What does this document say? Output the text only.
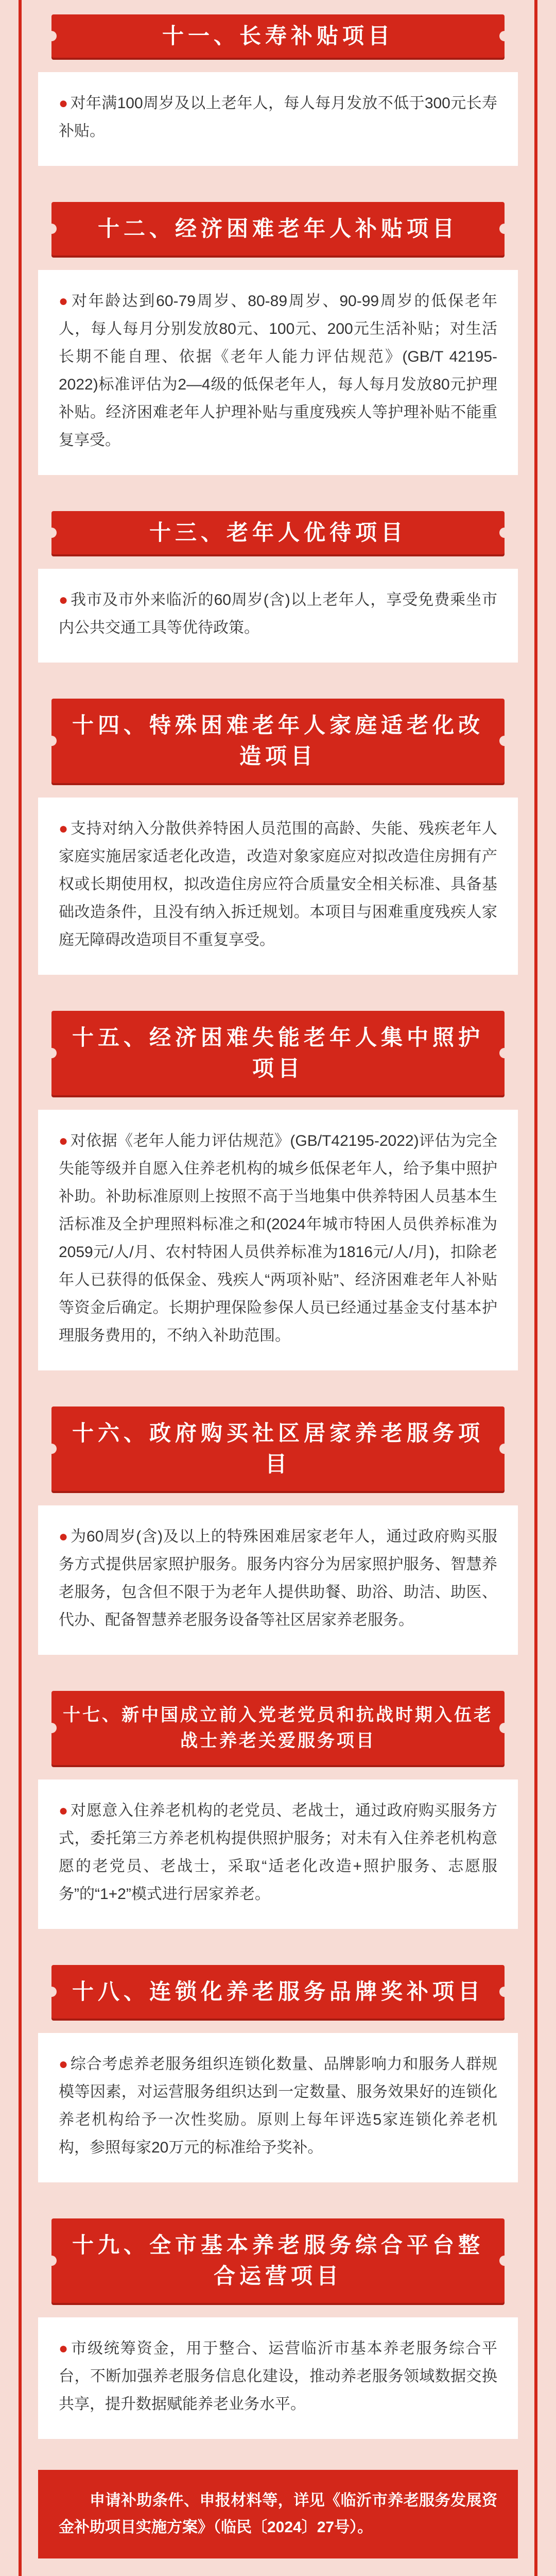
十一、长寿补贴项目
● 对年满100周岁及以上老年人，每人每月发放不低于300元长寿补贴。
十二、经济困难老年人补贴项目
● 对年龄达到60-79周岁、80-89周岁、90-99周岁的低保老年人，每人每月分别发放80元、100元、200元生活补贴；对生活长期不能自理、依据《老年人能力评估规范》(GB/T 42195-2022)标准评估为2—4级的低保老年人，每人每月发放80元护理补贴。经济困难老年人护理补贴与重度残疾人等护理补贴不能重复享受。
十三、老年人优待项目
● 我市及市外来临沂的60周岁(含)以上老年人，享受免费乘坐市内公共交通工具等优待政策。
十四、特殊困难老年人家庭适老化改造项目
● 支持对纳入分散供养特困人员范围的高龄、失能、残疾老年人家庭实施居家适老化改造，改造对象家庭应对拟改造住房拥有产权或长期使用权，拟改造住房应符合质量安全相关标准、具备基础改造条件，且没有纳入拆迁规划。本项目与困难重度残疾人家庭无障碍改造项目不重复享受。
十五、经济困难失能老年人集中照护项目
● 对依据《老年人能力评估规范》(GB/T42195-2022)评估为完全失能等级并自愿入住养老机构的城乡低保老年人，给予集中照护补助。补助标准原则上按照不高于当地集中供养特困人员基本生活标准及全护理照料标准之和(2024年城市特困人员供养标准为2059元/人/月、农村特困人员供养标准为1816元/人/月)，扣除老年人已获得的低保金、残疾人“两项补贴”、经济困难老年人补贴等资金后确定。长期护理保险参保人员已经通过基金支付基本护理服务费用的，不纳入补助范围。
十六、政府购买社区居家养老服务项目
● 为60周岁(含)及以上的特殊困难居家老年人，通过政府购买服务方式提供居家照护服务。服务内容分为居家照护服务、智慧养老服务，包含但不限于为老年人提供助餐、助浴、助洁、助医、代办、配备智慧养老服务设备等社区居家养老服务。
十七、新中国成立前入党老党员和抗战时期入伍老战士养老关爱服务项目
● 对愿意入住养老机构的老党员、老战士，通过政府购买服务方式，委托第三方养老机构提供照护服务；对未有入住养老机构意愿的老党员、老战士，采取“适老化改造+照护服务、志愿服务”的“1+2”模式进行居家养老。
十八、连锁化养老服务品牌奖补项目
● 综合考虑养老服务组织连锁化数量、品牌影响力和服务人群规模等因素，对运营服务组织达到一定数量、服务效果好的连锁化养老机构给予一次性奖励。原则上每年评选5家连锁化养老机构，参照每家20万元的标准给予奖补。
十九、全市基本养老服务综合平台整合运营项目
● 市级统筹资金，用于整合、运营临沂市基本养老服务综合平台，不断加强养老服务信息化建设，推动养老服务领域数据交换共享，提升数据赋能养老业务水平。
申请补助条件、申报材料等，详见《临沂市养老服务发展资金补助项目实施方案》（临民〔2024〕27号）。
